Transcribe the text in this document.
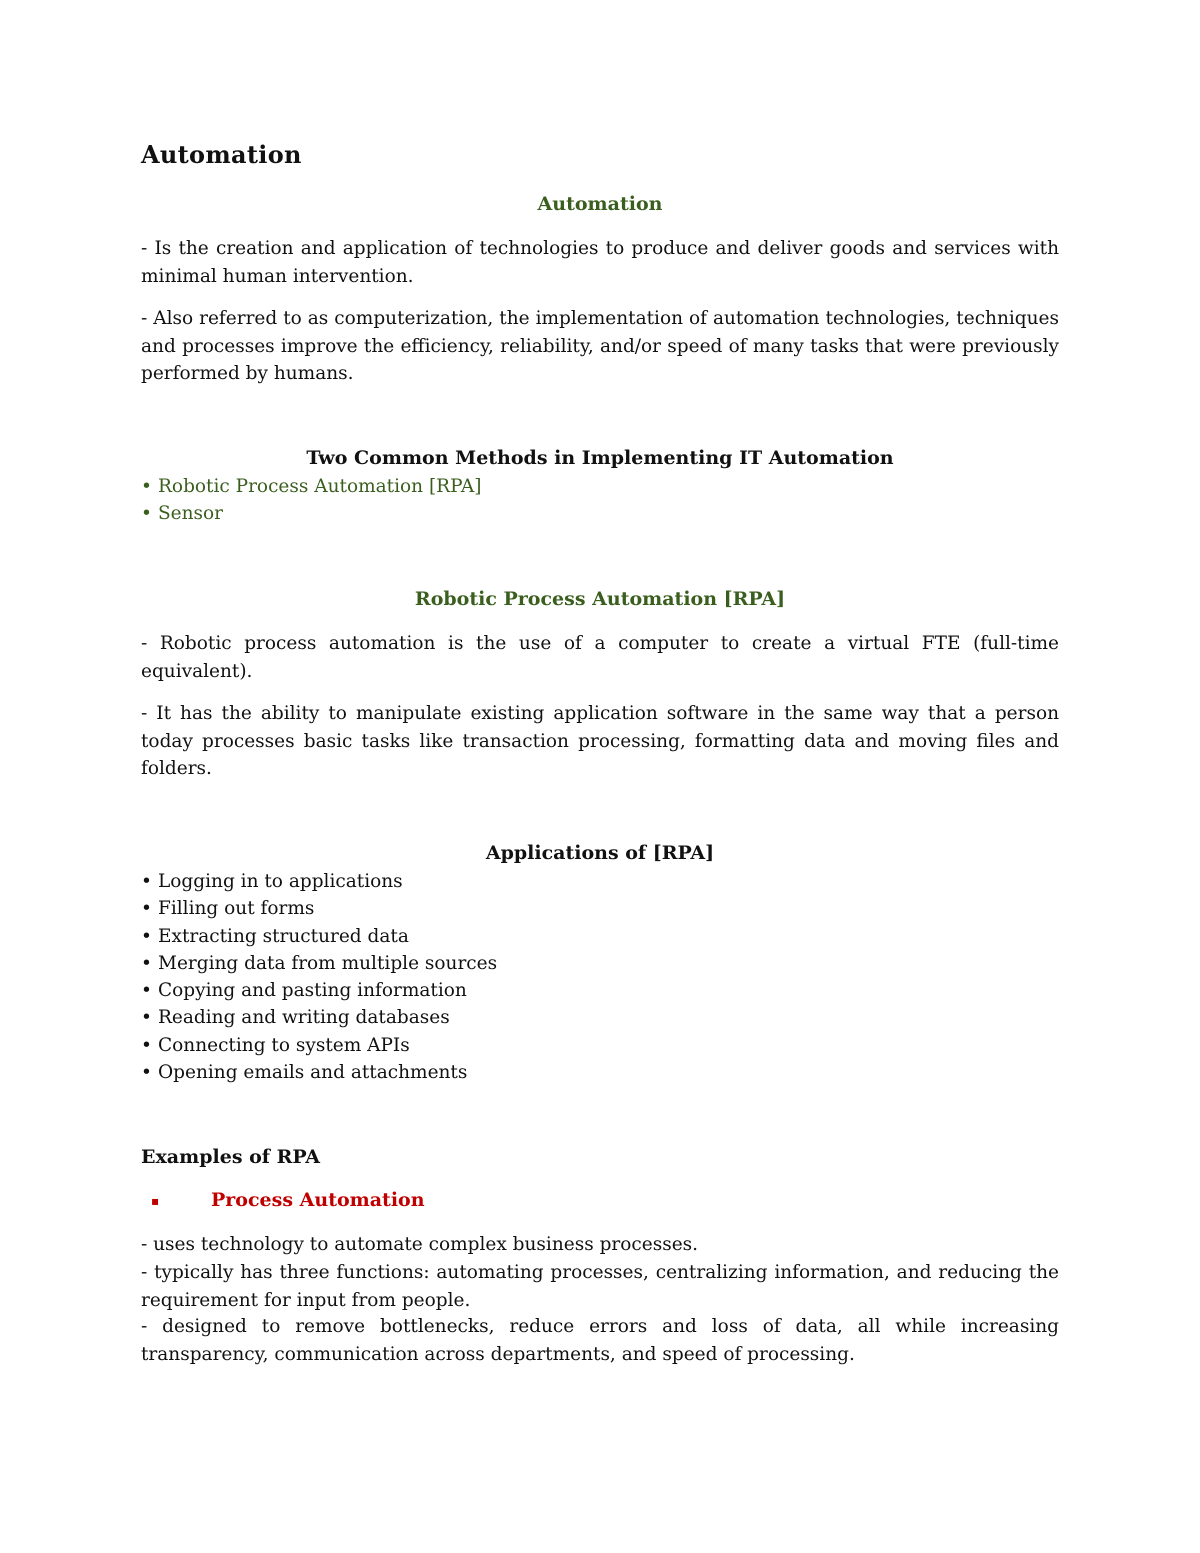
Automation
Automation

- Is the creation and application of technologies to produce and deliver goods and services with minimal human intervention.

- Also referred to as computerization, the implementation of automation technologies, techniques and processes improve the efficiency, reliability, and/or speed of many tasks that were previously performed by humans.

Two Common Methods in Implementing IT Automation
• Robotic Process Automation [RPA]
• Sensor
Robotic Process Automation [RPA]

- Robotic process automation is the use of a computer to create a virtual FTE (full-time equivalent).

- It has the ability to manipulate existing application software in the same way that a person today processes basic tasks like transaction processing, formatting data and moving files and folders.

Applications of [RPA]
• Logging in to applications
• Filling out forms
• Extracting structured data
• Merging data from multiple sources
• Copying and pasting information
• Reading and writing databases
• Connecting to system APIs
• Opening emails and attachments
Examples of RPA
▪	Process Automation

- uses technology to automate complex business processes.

- typically has three functions: automating processes, centralizing information, and reducing the requirement for input from people.

- designed to remove bottlenecks, reduce errors and loss of data, all while increasing transparency, communication across departments, and speed of processing.
